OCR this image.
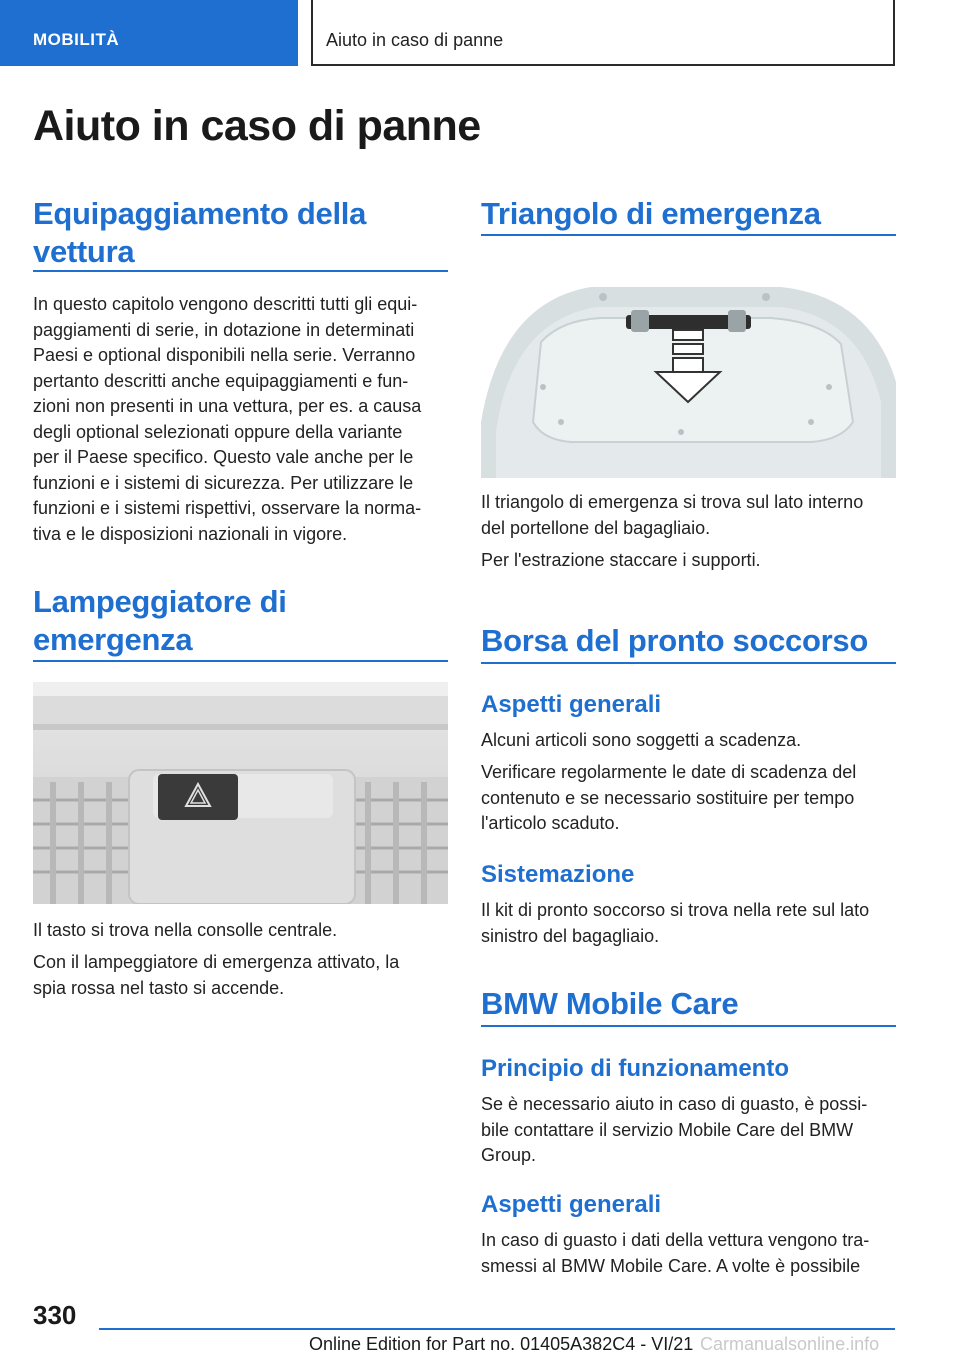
MOBILITÀ	Aiuto in caso di panne
Aiuto in caso di panne
Equipaggiamento della
vettura
In questo capitolo vengono descritti tutti gli equi‐
paggiamenti di serie, in dotazione in determinati
Paesi e optional disponibili nella serie. Verranno
pertanto descritti anche equipaggiamenti e fun‐
zioni non presenti in una vettura, per es. a causa
degli optional selezionati oppure della variante
per il Paese specifico. Questo vale anche per le
funzioni e i sistemi di sicurezza. Per utilizzare le
funzioni e i sistemi rispettivi, osservare la norma‐
tiva e le disposizioni nazionali in vigore.
Lampeggiatore di
emergenza
Il tasto si trova nella consolle centrale.
Con il lampeggiatore di emergenza attivato, la
spia rossa nel tasto si accende.
Triangolo di emergenza
Il triangolo di emergenza si trova sul lato interno
del portellone del bagagliaio.
Per l'estrazione staccare i supporti.
Borsa del pronto soccorso
Aspetti generali
Alcuni articoli sono soggetti a scadenza.
Verificare regolarmente le date di scadenza del
contenuto e se necessario sostituire per tempo
l'articolo scaduto.
Sistemazione
Il kit di pronto soccorso si trova nella rete sul lato
sinistro del bagagliaio.
BMW Mobile Care
Principio di funzionamento
Se è necessario aiuto in caso di guasto, è possi‐
bile contattare il servizio Mobile Care del BMW
Group.
Aspetti generali
In caso di guasto i dati della vettura vengono tra‐
smessi al BMW Mobile Care. A volte è possibile
330
Online Edition for Part no. 01405A382C4 - VI/21 Carmanualsonline.info
